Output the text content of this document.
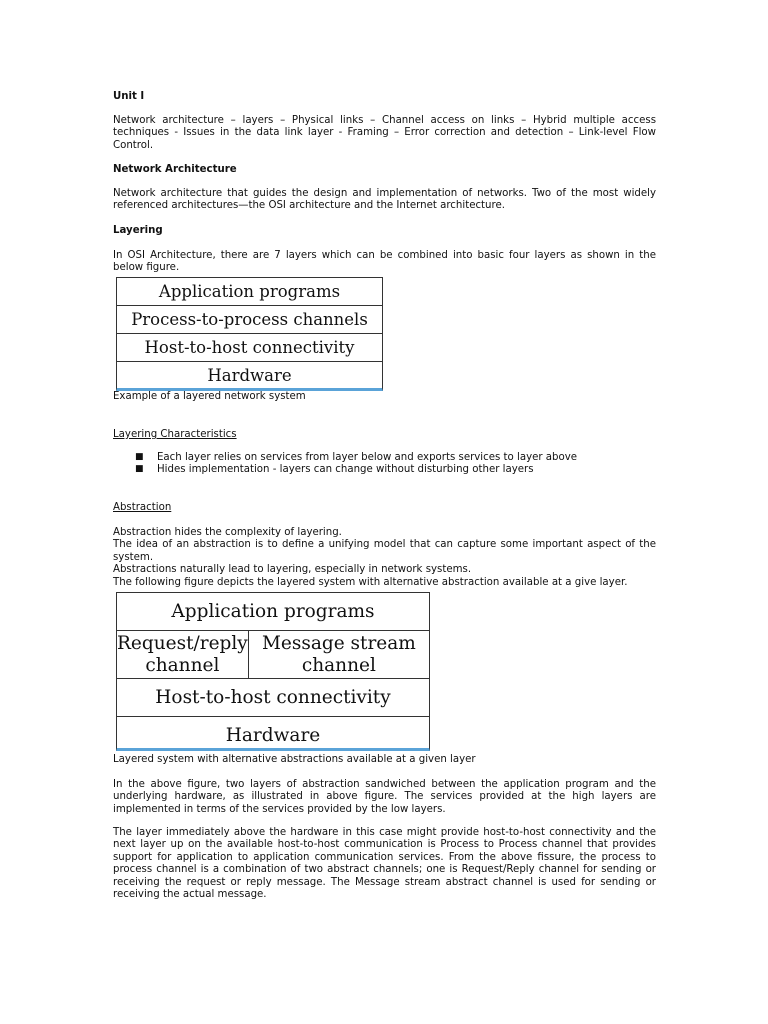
Unit I

Network architecture – layers – Physical links – Channel access on links – Hybrid multiple access techniques - Issues in the data link layer - Framing – Error correction and detection – Link-level Flow Control.

Network Architecture

Network architecture that guides the design and implementation of networks. Two of the most widely referenced architectures—the OSI architecture and the Internet architecture.

Layering

In OSI Architecture, there are 7 layers which can be combined into basic four layers as shown in the below figure.

Application programs
Process-to-process channels
Host-to-host connectivity
Hardware

Example of a layered network system

Layering Characteristics

■ Each layer relies on services from layer below and exports services to layer above
■ Hides implementation - layers can change without disturbing other layers

Abstraction

Abstraction hides the complexity of layering.
The idea of an abstraction is to define a unifying model that can capture some important aspect of the system.
Abstractions naturally lead to layering, especially in network systems.
The following figure depicts the layered system with alternative abstraction available at a give layer.
Application programs
Request/reply channel
Message stream channel
Host-to-host connectivity
Hardware

Layered system with alternative abstractions available at a given layer

In the above figure, two layers of abstraction sandwiched between the application program and the underlying hardware, as illustrated in above figure. The services provided at the high layers are implemented in terms of the services provided by the low layers.

The layer immediately above the hardware in this case might provide host-to-host connectivity and the next layer up on the available host-to-host communication is Process to Process channel that provides support for application to application communication services. From the above fissure, the process to process channel is a combination of two abstract channels; one is Request/Reply channel for sending or receiving the request or reply message. The Message stream abstract channel is used for sending or receiving the actual message.
